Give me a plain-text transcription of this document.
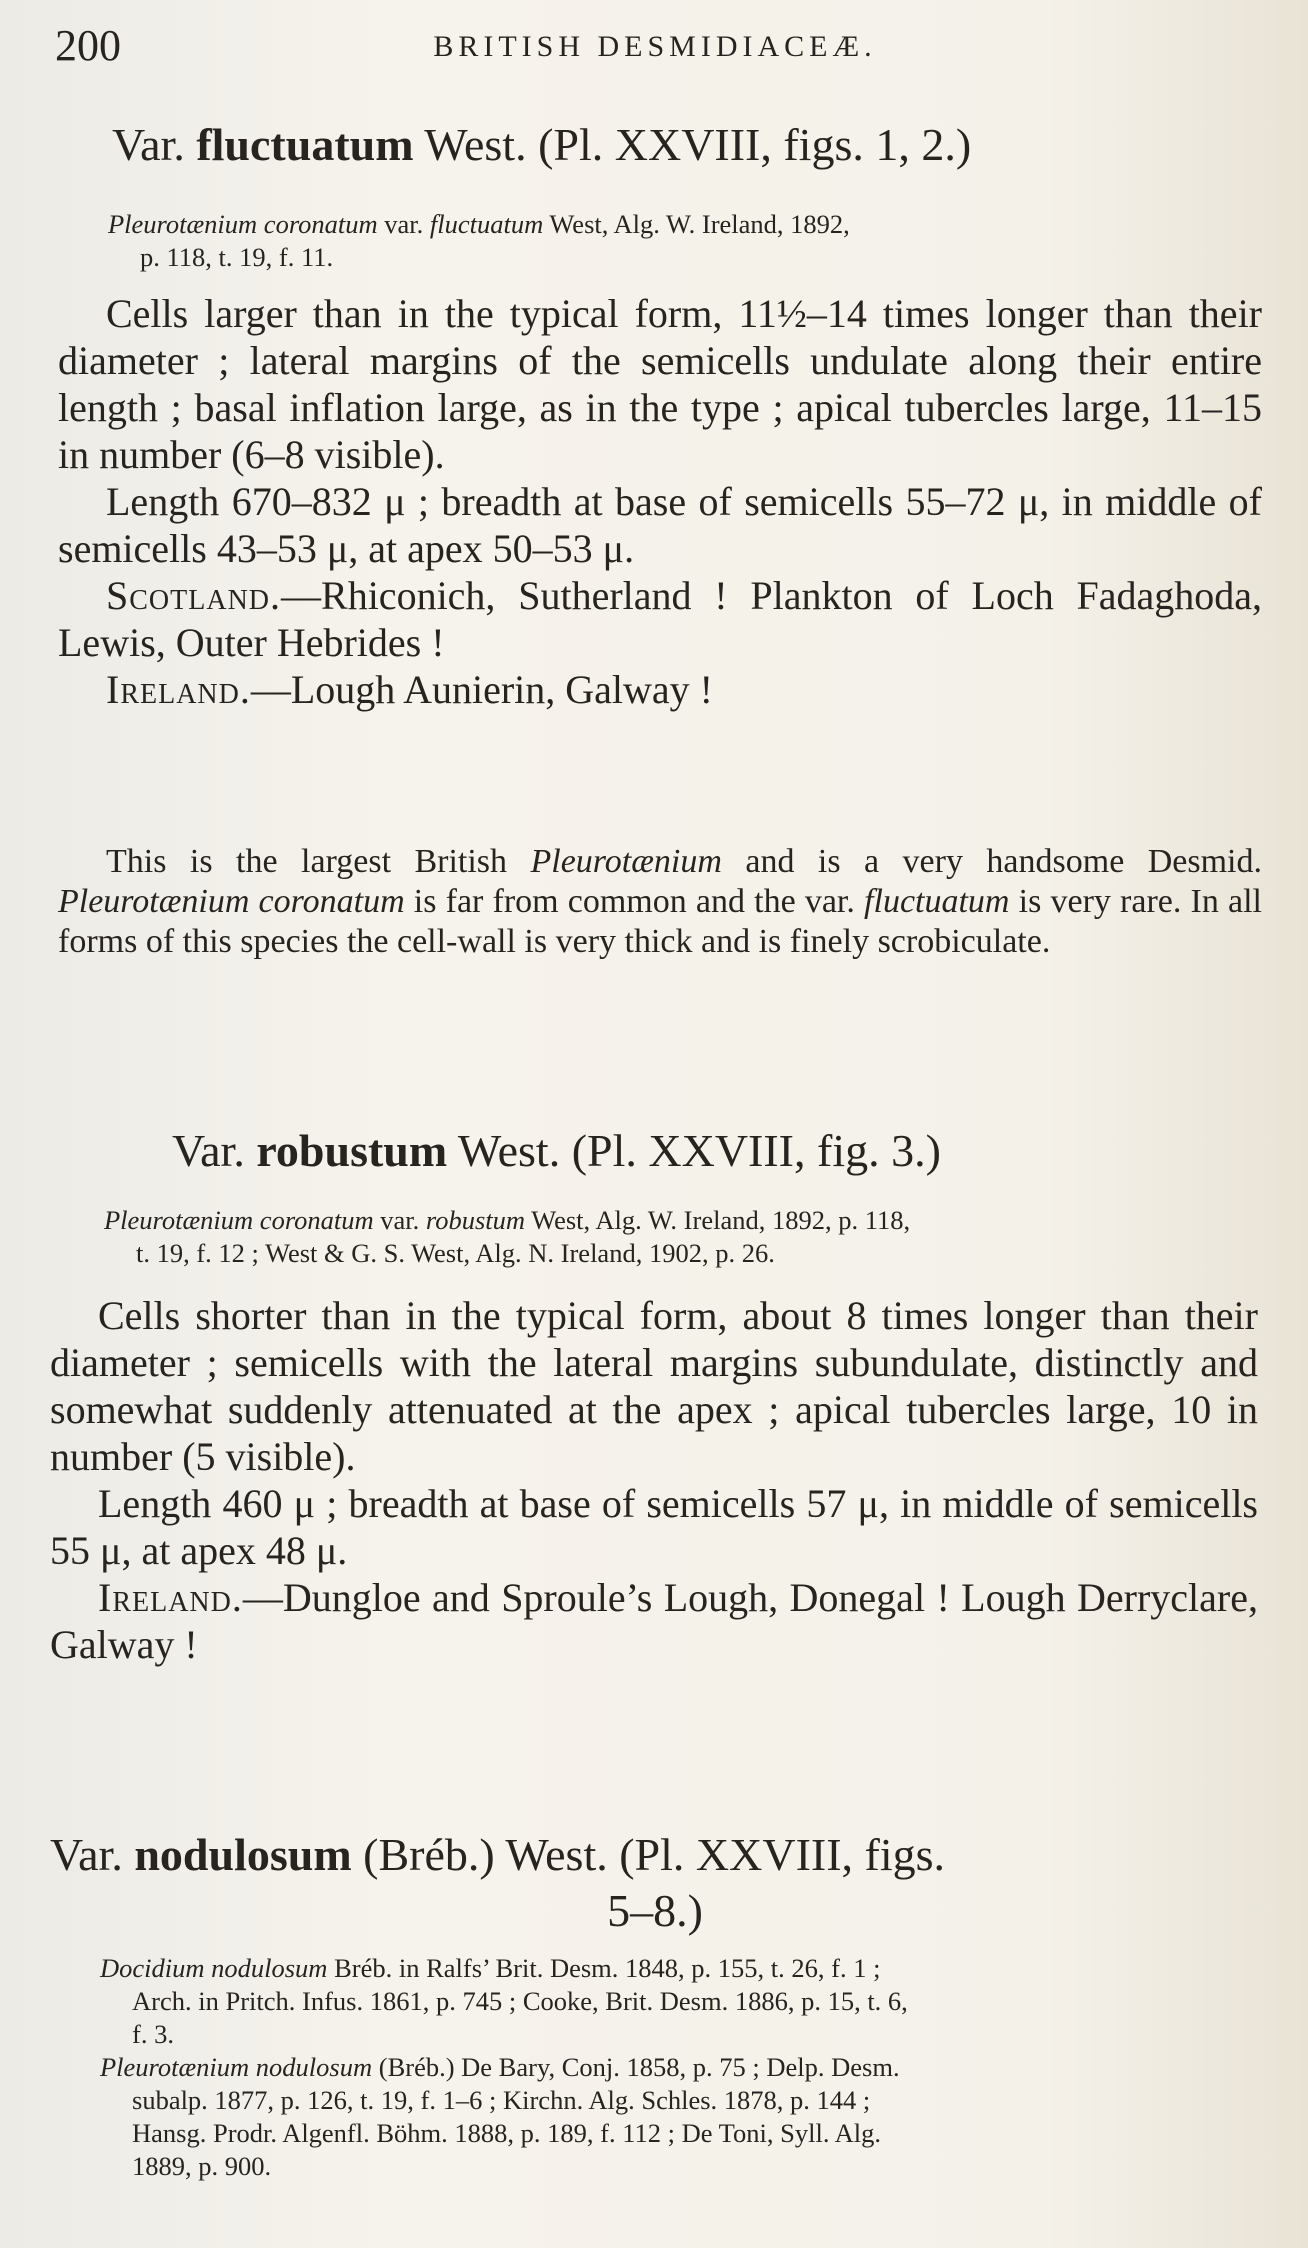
200	BRITISH DESMIDIACEÆ.
Var. fluctuatum West. (Pl. XXVIII, figs. 1, 2.)
Pleurotænium coronatum var. fluctuatum West, Alg. W. Ireland, 1892,
p. 118, t. 19, f. 11.

Cells larger than in the typical form, 11½–14 times longer than their diameter ; lateral margins of the semicells undulate along their entire length ; basal inflation large, as in the type ; apical tubercles large, 11–15 in number (6–8 visible).

Length 670–832 μ ; breadth at base of semicells 55–72 μ, in middle of semicells 43–53 μ, at apex 50–53 μ.

Scotland.—Rhiconich, Sutherland ! Plankton of Loch Fadaghoda, Lewis, Outer Hebrides !

Ireland.—Lough Aunierin, Galway !

This is the largest British Pleurotænium and is a very handsome Desmid. Pleurotænium coronatum is far from common and the var. fluctuatum is very rare. In all forms of this species the cell-wall is very thick and is finely scrobiculate.

Var. robustum West. (Pl. XXVIII, fig. 3.)
Pleurotænium coronatum var. robustum West, Alg. W. Ireland, 1892, p. 118,
t. 19, f. 12 ; West & G. S. West, Alg. N. Ireland, 1902, p. 26.

Cells shorter than in the typical form, about 8 times longer than their diameter ; semicells with the lateral margins subundulate, distinctly and somewhat suddenly attenuated at the apex ; apical tubercles large, 10 in number (5 visible).

Length 460 μ ; breadth at base of semicells 57 μ, in middle of semicells 55 μ, at apex 48 μ.

Ireland.—Dungloe and Sproule’s Lough, Donegal ! Lough Derryclare, Galway !

Var. nodulosum (Bréb.) West. (Pl. XXVIII, figs.
5–8.)
Docidium nodulosum Bréb. in Ralfs’ Brit. Desm. 1848, p. 155, t. 26, f. 1 ;
Arch. in Pritch. Infus. 1861, p. 745 ; Cooke, Brit. Desm. 1886, p. 15, t. 6,
f. 3.
Pleurotænium nodulosum (Bréb.) De Bary, Conj. 1858, p. 75 ; Delp. Desm.
subalp. 1877, p. 126, t. 19, f. 1–6 ; Kirchn. Alg. Schles. 1878, p. 144 ;
Hansg. Prodr. Algenfl. Böhm. 1888, p. 189, f. 112 ; De Toni, Syll. Alg.
1889, p. 900.
